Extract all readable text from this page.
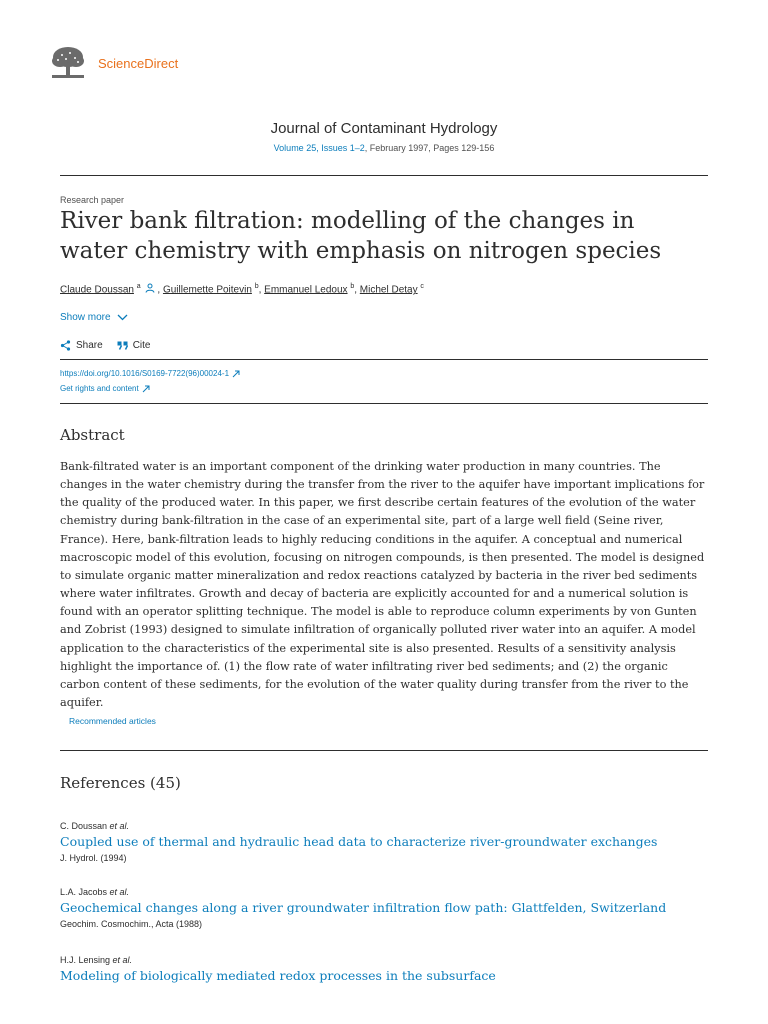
ScienceDirect
Journal of Contaminant Hydrology
Volume 25, Issues 1–2, February 1997, Pages 129-156
Research paper
River bank filtration: modelling of the changes in water chemistry with emphasis on nitrogen species
Claude Doussan $^a$ , Guillemette Poitevin $^b$, Emmanuel Ledoux $^b$, Michel Detay $^c$
Show more
Share	Cite
https://doi.org/10.1016/S0169-7722(96)00024-1
Get rights and content
Abstract
Bank-filtrated water is an important component of the drinking water production in many countries. The changes in the water chemistry during the transfer from the river to the aquifer have important implications for the quality of the produced water. In this paper, we first describe certain features of the evolution of the water chemistry during bank-filtration in the case of an experimental site, part of a large well field (Seine river, France). Here, bank-filtration leads to highly reducing conditions in the aquifer. A conceptual and numerical macroscopic model of this evolution, focusing on nitrogen compounds, is then presented. The model is designed to simulate organic matter mineralization and redox reactions catalyzed by bacteria in the river bed sediments where water infiltrates. Growth and decay of bacteria are explicitly accounted for and a numerical solution is found with an operator splitting technique. The model is able to reproduce column experiments by von Gunten and Zobrist (1993) designed to simulate infiltration of organically polluted river water into an aquifer. A model application to the characteristics of the experimental site is also presented. Results of a sensitivity analysis highlight the importance of. (1) the flow rate of water infiltrating river bed sediments; and (2) the organic carbon content of these sediments, for the evolution of the water quality during transfer from the river to the aquifer.
Recommended articles
References (45)
C. Doussan et al.
Coupled use of thermal and hydraulic head data to characterize river-groundwater exchanges
J. Hydrol. (1994)
L.A. Jacobs et al.
Geochemical changes along a river groundwater infiltration flow path: Glattfelden, Switzerland
Geochim. Cosmochim., Acta (1988)
H.J. Lensing et al.
Modeling of biologically mediated redox processes in the subsurface
